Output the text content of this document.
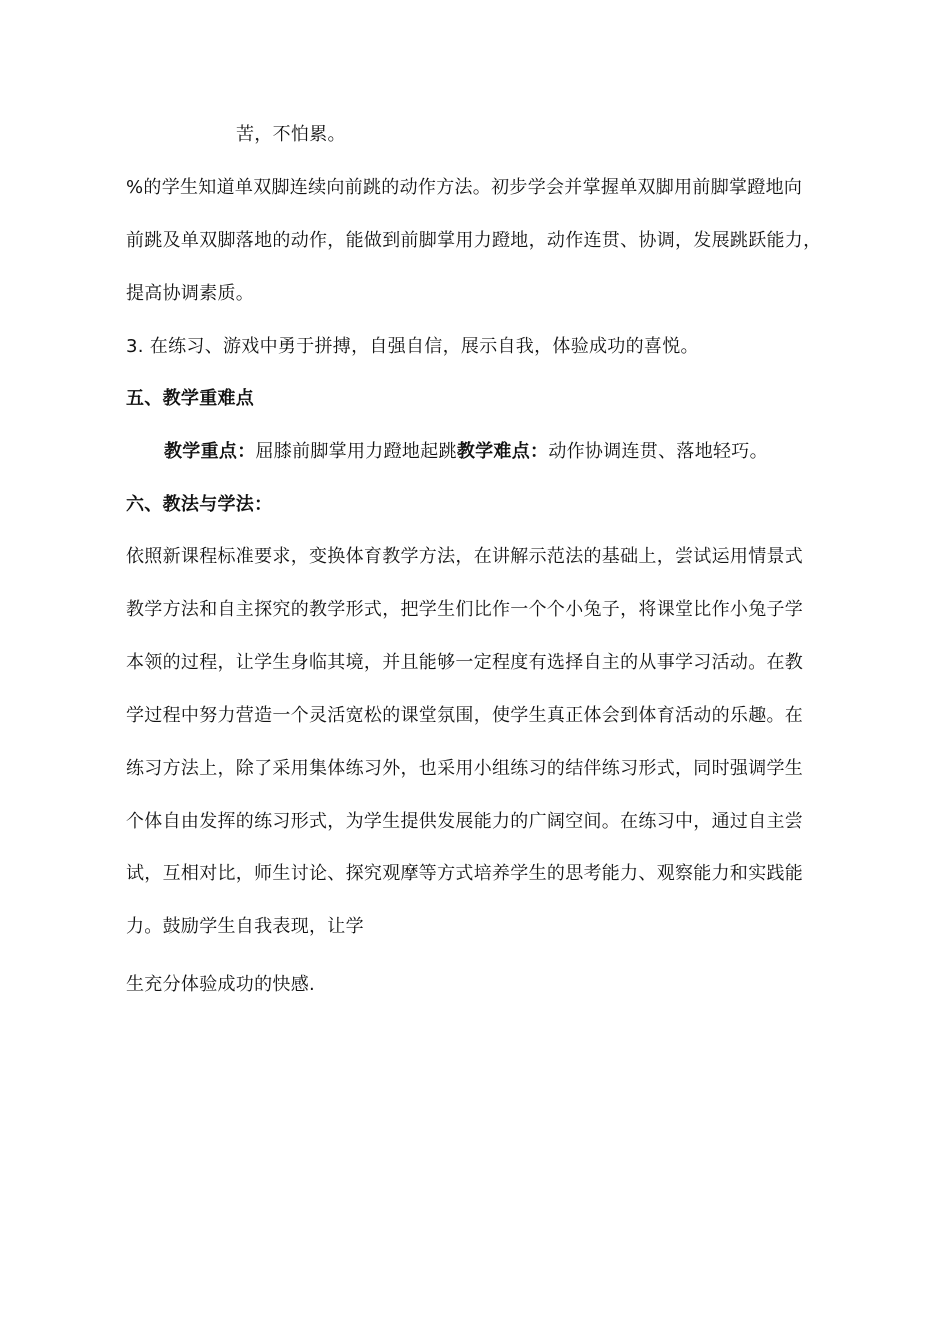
苦，不怕累。
%的学生知道单双脚连续向前跳的动作方法。初步学会并掌握单双脚用前脚掌蹬地向
前跳及单双脚落地的动作，能做到前脚掌用力蹬地，动作连贯、协调，发展跳跃能力，
提高协调素质。
3. 在练习、游戏中勇于拼搏，自强自信，展示自我，体验成功的喜悦。
五、教学重难点
教学重点：屈膝前脚掌用力蹬地起跳教学难点：动作协调连贯、落地轻巧。
六、教法与学法：
依照新课程标准要求，变换体育教学方法，在讲解示范法的基础上，尝试运用情景式
教学方法和自主探究的教学形式，把学生们比作一个个小兔子，将课堂比作小兔子学
本领的过程，让学生身临其境，并且能够一定程度有选择自主的从事学习活动。在教
学过程中努力营造一个灵活宽松的课堂氛围，使学生真正体会到体育活动的乐趣。在
练习方法上，除了采用集体练习外，也采用小组练习的结伴练习形式，同时强调学生
个体自由发挥的练习形式，为学生提供发展能力的广阔空间。在练习中，通过自主尝
试，互相对比，师生讨论、探究观摩等方式培养学生的思考能力、观察能力和实践能
力。鼓励学生自我表现，让学
生充分体验成功的快感.
